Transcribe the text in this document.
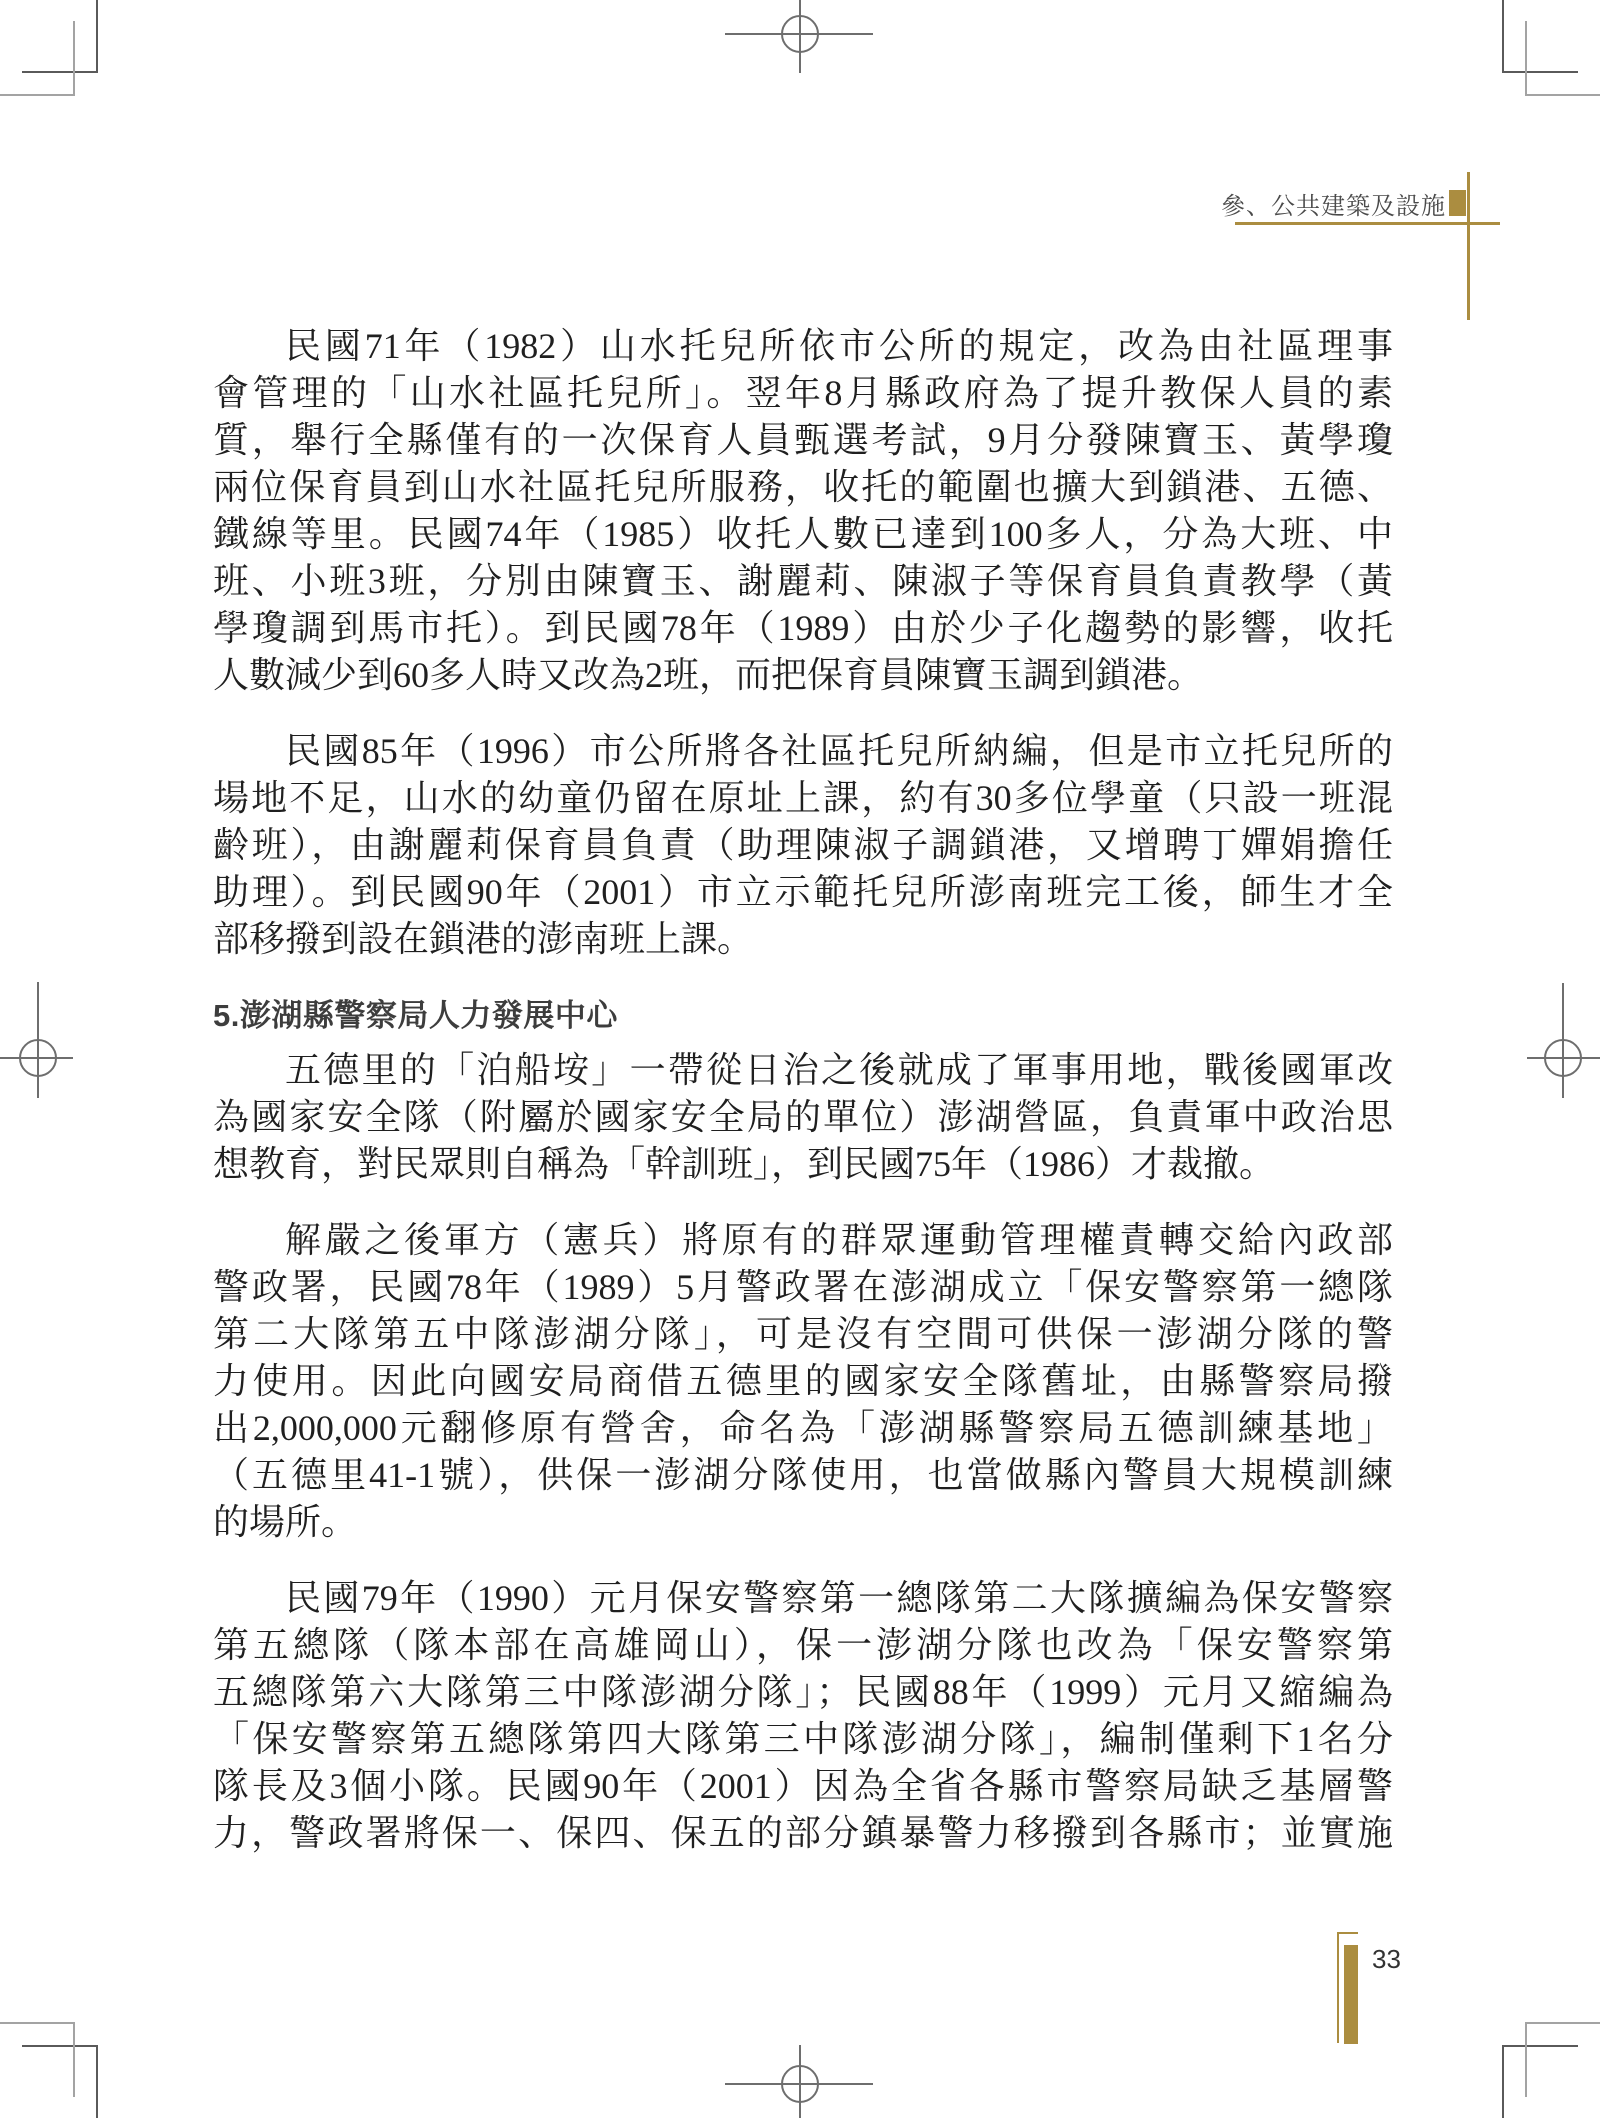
參、公共建築及設施
民國71年（1982）山水托兒所依市公所的規定，改為由社區理事
會管理的「山水社區托兒所」。翌年8月縣政府為了提升教保人員的素
質，舉行全縣僅有的一次保育人員甄選考試，9月分發陳寶玉、黃學瓊
兩位保育員到山水社區托兒所服務，收托的範圍也擴大到鎖港、五德、
鐵線等里。民國74年（1985）收托人數已達到100多人，分為大班、中
班、小班3班，分別由陳寶玉、謝麗莉、陳淑子等保育員負責教學（黃
學瓊調到馬市托）。到民國78年（1989）由於少子化趨勢的影響，收托
人數減少到60多人時又改為2班，而把保育員陳寶玉調到鎖港。
民國85年（1996）市公所將各社區托兒所納編，但是市立托兒所的
場地不足，山水的幼童仍留在原址上課，約有30多位學童（只設一班混
齡班），由謝麗莉保育員負責（助理陳淑子調鎖港，又增聘丁嬋娟擔任
助理）。到民國90年（2001）市立示範托兒所澎南班完工後，師生才全
部移撥到設在鎖港的澎南班上課。
5.澎湖縣警察局人力發展中心
五德里的「泊船垵」一帶從日治之後就成了軍事用地，戰後國軍改
為國家安全隊（附屬於國家安全局的單位）澎湖營區，負責軍中政治思
想教育，對民眾則自稱為「幹訓班」，到民國75年（1986）才裁撤。
解嚴之後軍方（憲兵）將原有的群眾運動管理權責轉交給內政部
警政署，民國78年（1989）5月警政署在澎湖成立「保安警察第一總隊
第二大隊第五中隊澎湖分隊」，可是沒有空間可供保一澎湖分隊的警
力使用。因此向國安局商借五德里的國家安全隊舊址，由縣警察局撥
出2,000,000元翻修原有營舍，命名為「澎湖縣警察局五德訓練基地」
（五德里41-1號），供保一澎湖分隊使用，也當做縣內警員大規模訓練
的場所。
民國79年（1990）元月保安警察第一總隊第二大隊擴編為保安警察
第五總隊（隊本部在高雄岡山），保一澎湖分隊也改為「保安警察第
五總隊第六大隊第三中隊澎湖分隊」；民國88年（1999）元月又縮編為
「保安警察第五總隊第四大隊第三中隊澎湖分隊」，編制僅剩下1名分
隊長及3個小隊。民國90年（2001）因為全省各縣市警察局缺乏基層警
力，警政署將保一、保四、保五的部分鎮暴警力移撥到各縣市；並實施
33
